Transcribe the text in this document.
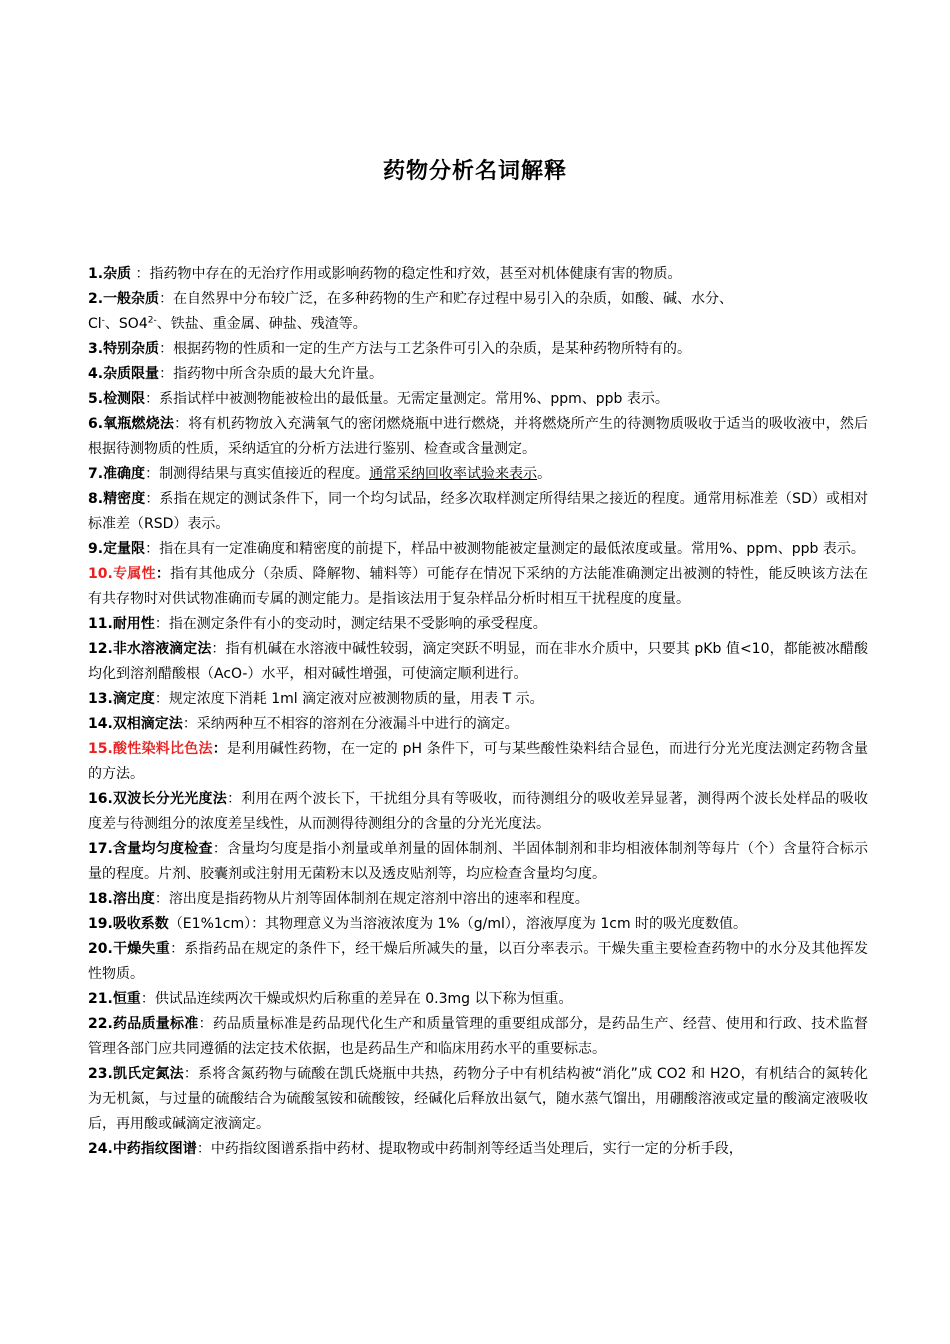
药物分析名词解释

1.杂质 ：指药物中存在的无治疗作用或影响药物的稳定性和疗效，甚至对机体健康有害的物质。

2.一般杂质：在自然界中分布较广泛，在多种药物的生产和贮存过程中易引入的杂质，如酸、碱、水分、
Cl-、$SO4^{2-}$、铁盐、重金属、砷盐、残渣等。

3.特别杂质：根据药物的性质和一定的生产方法与工艺条件可引入的杂质，是某种药物所特有的。

4.杂质限量：指药物中所含杂质的最大允许量。

5.检测限：系指试样中被测物能被检出的最低量。无需定量测定。常用%、ppm、ppb 表示。

6.氧瓶燃烧法：将有机药物放入充满氧气的密闭燃烧瓶中进行燃烧，并将燃烧所产生的待测物质吸收于适当的吸收液中，然后根据待测物质的性质，采纳适宜的分析方法进行鉴别、检查或含量测定。

7.准确度：制测得结果与真实值接近的程度。通常采纳回收率试验来表示。

8.精密度：系指在规定的测试条件下，同一个均匀试品，经多次取样测定所得结果之接近的程度。通常用标准差（SD）或相对标准差（RSD）表示。

9.定量限：指在具有一定准确度和精密度的前提下，样品中被测物能被定量测定的最低浓度或量。常用%、ppm、ppb 表示。

10.专属性：指有其他成分（杂质、降解物、辅料等）可能存在情况下采纳的方法能准确测定出被测的特性，能反映该方法在有共存物时对供试物准确而专属的测定能力。是指该法用于复杂样品分析时相互干扰程度的度量。

11.耐用性：指在测定条件有小的变动时，测定结果不受影响的承受程度。

12.非水溶液滴定法：指有机碱在水溶液中碱性较弱，滴定突跃不明显，而在非水介质中，只要其 pKb 值<10，都能被冰醋酸均化到溶剂醋酸根（AcO-）水平，相对碱性增强，可使滴定顺利进行。

13.滴定度：规定浓度下消耗 1ml 滴定液对应被测物质的量，用表 T 示。

14.双相滴定法：采纳两种互不相容的溶剂在分液漏斗中进行的滴定。

15.酸性染料比色法：是利用碱性药物，在一定的 pH 条件下，可与某些酸性染料结合显色，而进行分光光度法测定药物含量的方法。

16.双波长分光光度法：利用在两个波长下，干扰组分具有等吸收，而待测组分的吸收差异显著，测得两个波长处样品的吸收度差与待测组分的浓度差呈线性，从而测得待测组分的含量的分光光度法。

17.含量均匀度检查：含量均匀度是指小剂量或单剂量的固体制剂、半固体制剂和非均相液体制剂等每片（个）含量符合标示量的程度。片剂、胶囊剂或注射用无菌粉末以及透皮贴剂等，均应检查含量均匀度。

18.溶出度：溶出度是指药物从片剂等固体制剂在规定溶剂中溶出的速率和程度。

19.吸收系数（E1%1cm）：其物理意义为当溶液浓度为 1%（g/ml），溶液厚度为 1cm 时的吸光度数值。

20.干燥失重：系指药品在规定的条件下，经干燥后所减失的量，以百分率表示。干燥失重主要检查药物中的水分及其他挥发性物质。

21.恒重：供试品连续两次干燥或炽灼后称重的差异在 0.3mg 以下称为恒重。

22.药品质量标准：药品质量标准是药品现代化生产和质量管理的重要组成部分，是药品生产、经营、使用和行政、技术监督管理各部门应共同遵循的法定技术依据，也是药品生产和临床用药水平的重要标志。

23.凯氏定氮法：系将含氮药物与硫酸在凯氏烧瓶中共热，药物分子中有机结构被“消化”成 CO2 和 H2O，有机结合的氮转化为无机氮，与过量的硫酸结合为硫酸氢铵和硫酸铵，经碱化后释放出氨气，随水蒸气馏出，用硼酸溶液或定量的酸滴定液吸收后，再用酸或碱滴定液滴定。

24.中药指纹图谱：中药指纹图谱系指中药材、提取物或中药制剂等经适当处理后，实行一定的分析手段，
